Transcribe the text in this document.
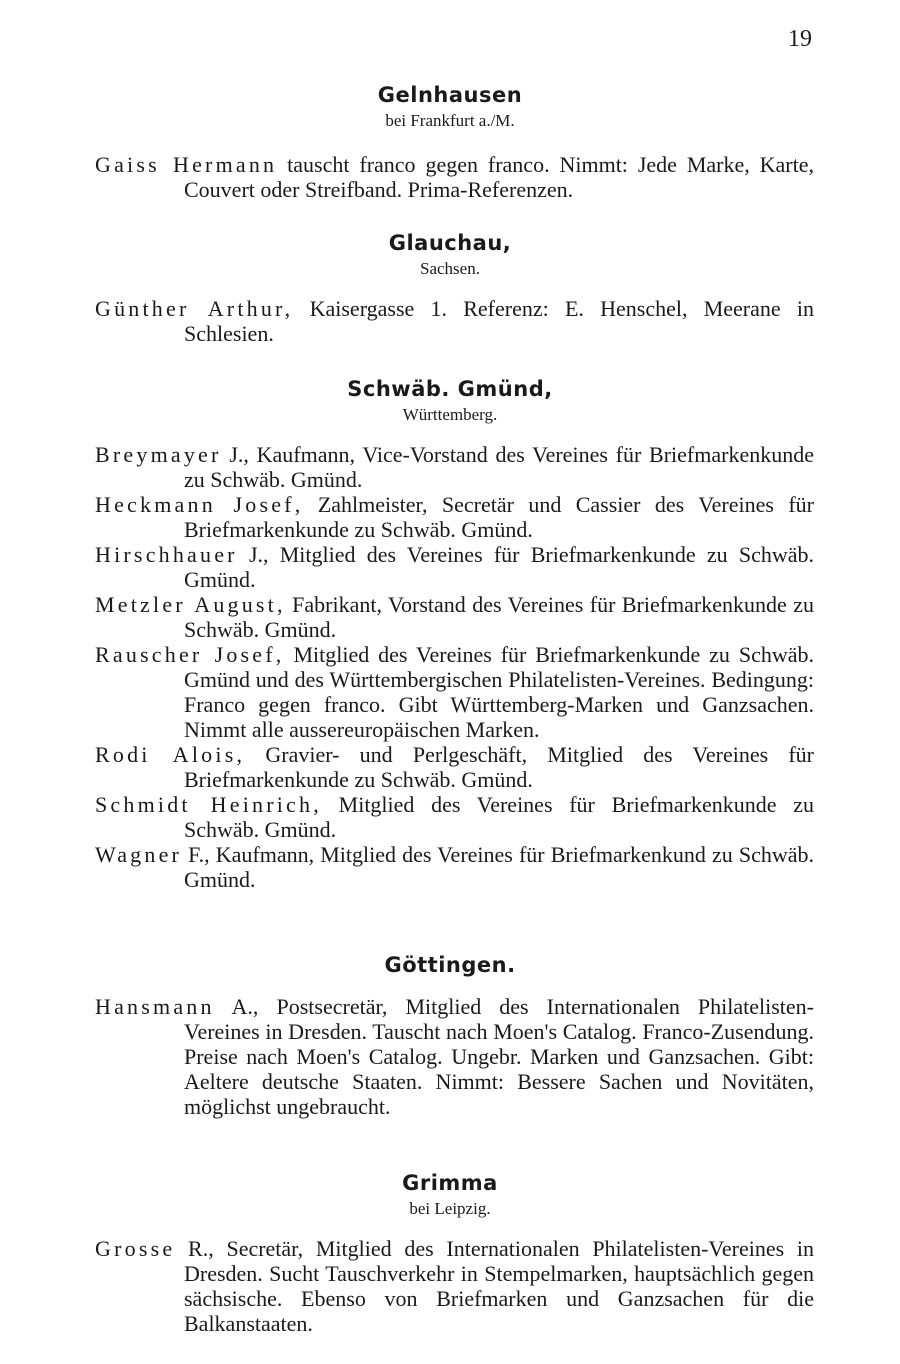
19
Gelnhausen
bei Frankfurt a./M.

Gaiss Hermann tauscht franco gegen franco. Nimmt: Jede Marke, Karte, Couvert oder Streifband. Prima-Referenzen.

Glauchau,
Sachsen.

Günther Arthur, Kaisergasse 1. Referenz: E. Henschel, Meerane in Schlesien.

Schwäb. Gmünd,
Württemberg.

Breymayer J., Kaufmann, Vice-Vorstand des Vereines für Briefmarkenkunde zu Schwäb. Gmünd.

Heckmann Josef, Zahlmeister, Secretär und Cassier des Vereines für Briefmarkenkunde zu Schwäb. Gmünd.

Hirschhauer J., Mitglied des Vereines für Briefmarkenkunde zu Schwäb. Gmünd.

Metzler August, Fabrikant, Vorstand des Vereines für Briefmarkenkunde zu Schwäb. Gmünd.

Rauscher Josef, Mitglied des Vereines für Briefmarkenkunde zu Schwäb. Gmünd und des Württembergischen Philatelisten-Vereines. Bedingung: Franco gegen franco. Gibt Württemberg-Marken und Ganzsachen. Nimmt alle aussereuropäischen Marken.

Rodi Alois, Gravier- und Perlgeschäft, Mitglied des Vereines für Briefmarkenkunde zu Schwäb. Gmünd.

Schmidt Heinrich, Mitglied des Vereines für Briefmarkenkunde zu Schwäb. Gmünd.

Wagner F., Kaufmann, Mitglied des Vereines für Briefmarkenkund zu Schwäb. Gmünd.

Göttingen.

Hansmann A., Postsecretär, Mitglied des Internationalen Philatelisten-Vereines in Dresden. Tauscht nach Moen's Catalog. Franco-Zusendung. Preise nach Moen's Catalog. Ungebr. Marken und Ganzsachen. Gibt: Aeltere deutsche Staaten. Nimmt: Bessere Sachen und Novitäten, möglichst ungebraucht.

Grimma
bei Leipzig.

Grosse R., Secretär, Mitglied des Internationalen Philatelisten-Vereines in Dresden. Sucht Tauschverkehr in Stempelmarken, hauptsächlich gegen sächsische. Ebenso von Briefmarken und Ganzsachen für die Balkanstaaten.
